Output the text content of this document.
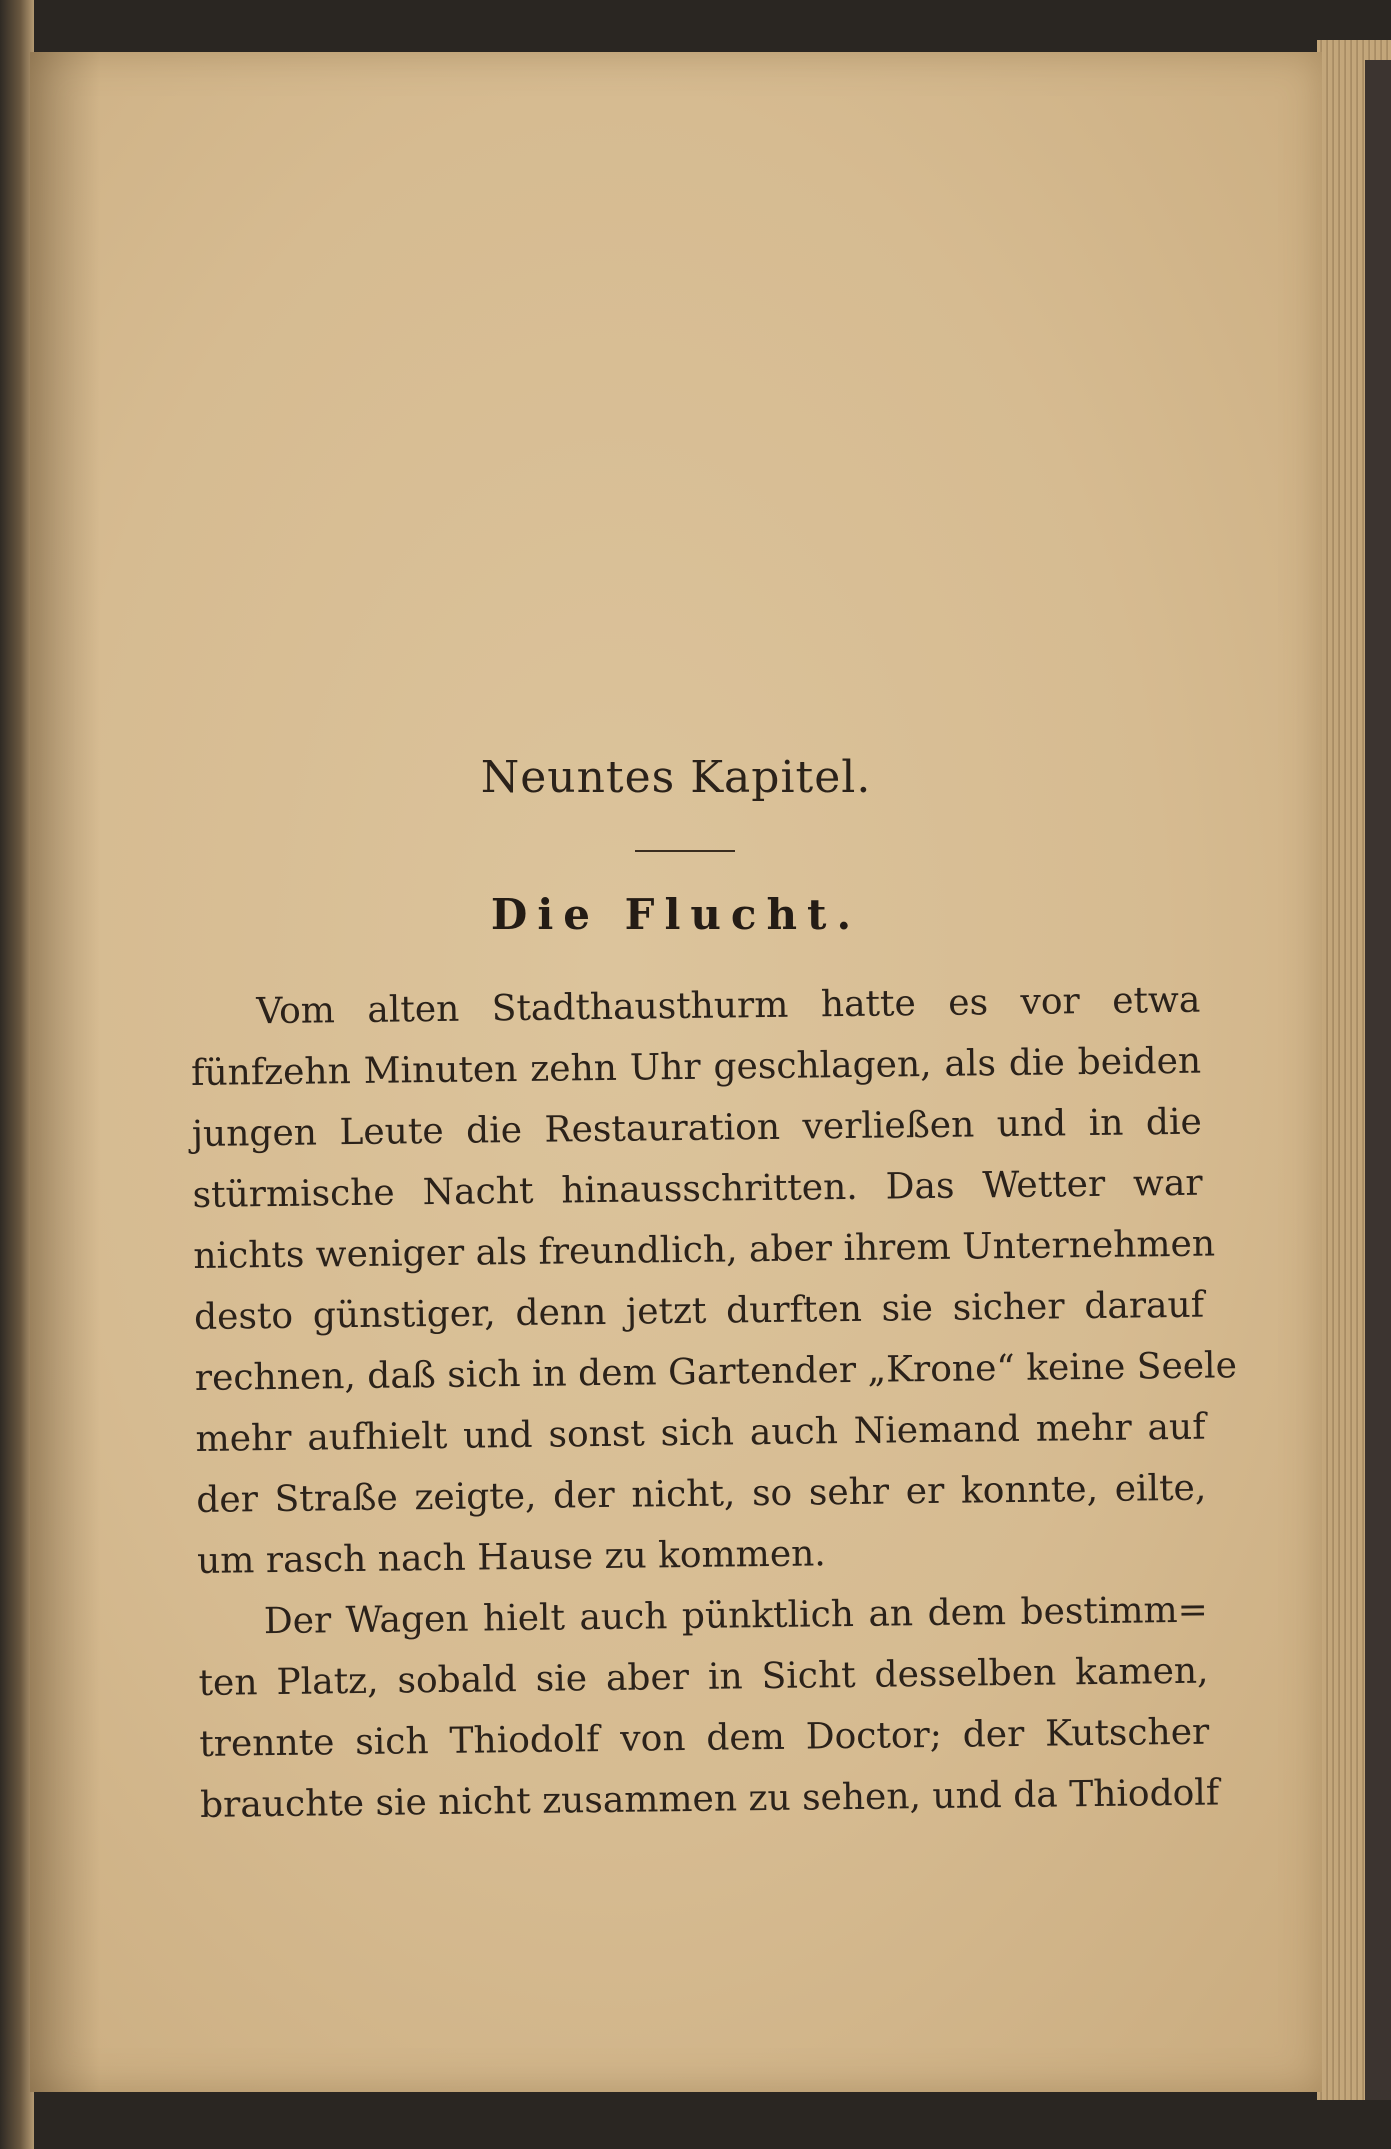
Neuntes Kapitel.
Die Flucht.
Vom alten Stadthausthurm hatte es vor etwa
fünfzehn Minuten zehn Uhr geschlagen, als die beiden
jungen Leute die Restauration verließen und in die
stürmische Nacht hinausschritten. Das Wetter war
nichts weniger als freundlich, aber ihrem Unternehmen
desto günstiger, denn jetzt durften sie sicher darauf
rechnen, daß sich in dem Gartender „Krone“ keine Seele
mehr aufhielt und sonst sich auch Niemand mehr auf
der Straße zeigte, der nicht, so sehr er konnte, eilte,
um rasch nach Hause zu kommen.
Der Wagen hielt auch pünktlich an dem bestimm=
ten Platz, sobald sie aber in Sicht desselben kamen,
trennte sich Thiodolf von dem Doctor; der Kutscher
brauchte sie nicht zusammen zu sehen, und da Thiodolf
